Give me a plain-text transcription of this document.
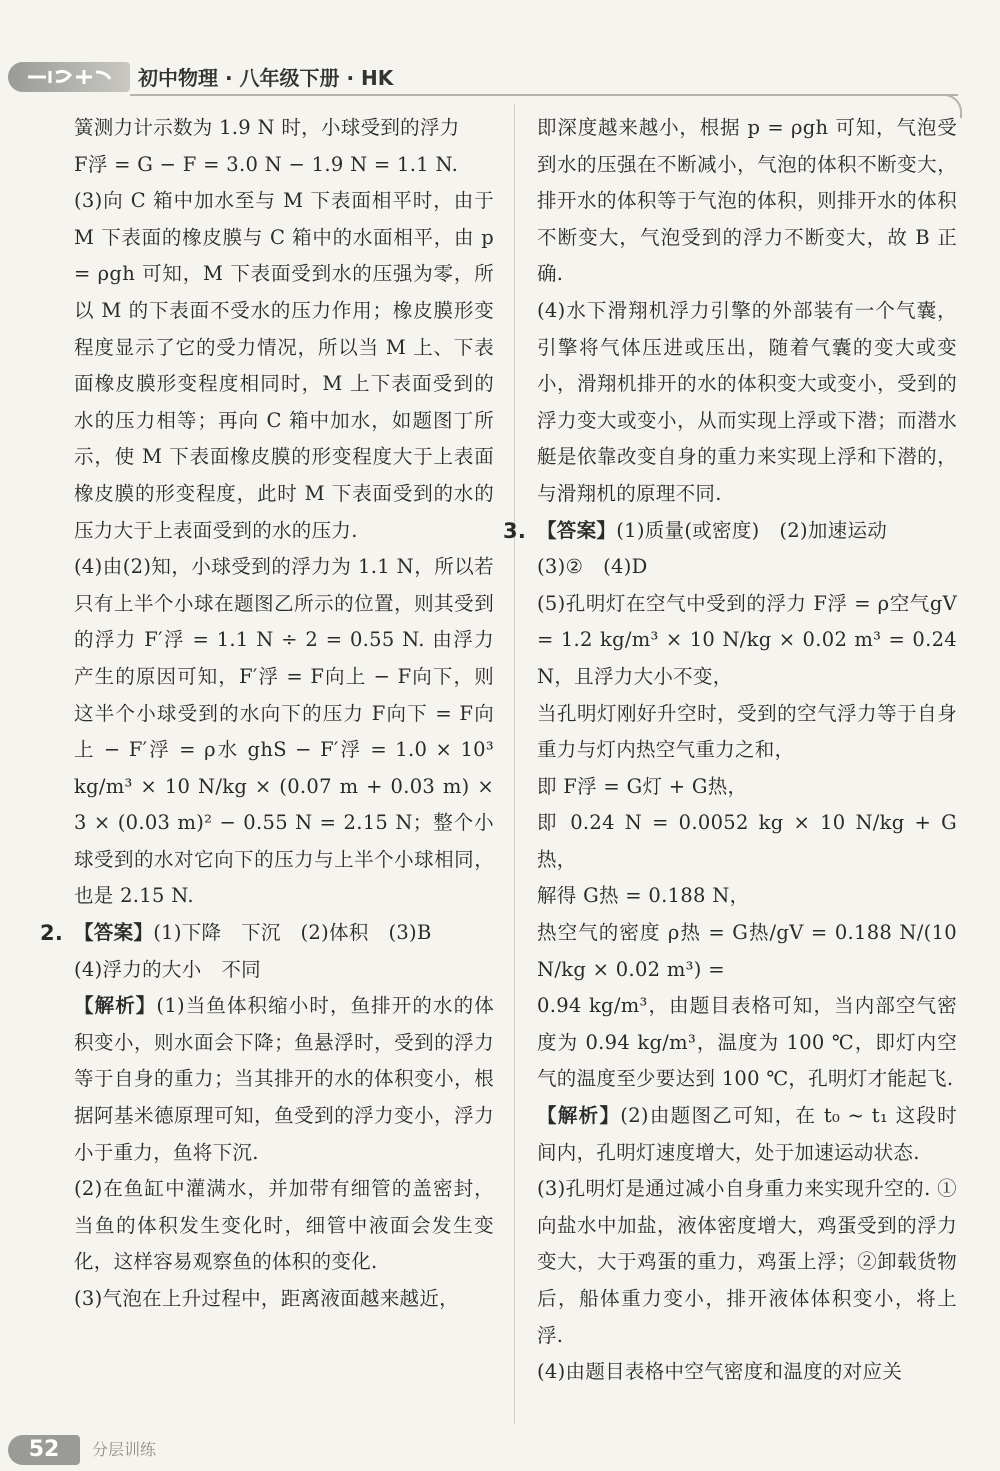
初中物理 · 八年级下册 · HK

簧测力计示数为 1.9 N 时，小球受到的浮力

F浮 = G − F = 3.0 N − 1.9 N = 1.1 N.

(3)向 C 箱中加水至与 M 下表面相平时，由于 M 下表面的橡皮膜与 C 箱中的水面相平，由 p = ρgh 可知，M 下表面受到水的压强为零，所以 M 的下表面不受水的压力作用；橡皮膜形变程度显示了它的受力情况，所以当 M 上、下表面橡皮膜形变程度相同时，M 上下表面受到的水的压力相等；再向 C 箱中加水，如题图丁所示，使 M 下表面橡皮膜的形变程度大于上表面橡皮膜的形变程度，此时 M 下表面受到的水的压力大于上表面受到的水的压力.

(4)由(2)知，小球受到的浮力为 1.1 N，所以若只有上半个小球在题图乙所示的位置，则其受到的浮力 F′浮 = 1.1 N ÷ 2 = 0.55 N. 由浮力产生的原因可知，F′浮 = F向上 − F向下，则这半个小球受到的水向下的压力 F向下 = F向上 − F′浮 = ρ水 ghS − F′浮 = 1.0 × 10³ kg/m³ × 10 N/kg × (0.07 m + 0.03 m) × 3 × (0.03 m)² − 0.55 N = 2.15 N；整个小球受到的水对它向下的压力与上半个小球相同，也是 2.15 N.

2. 【答案】(1)下降　下沉　(2)体积　(3)B

(4)浮力的大小　不同

【解析】(1)当鱼体积缩小时，鱼排开的水的体积变小，则水面会下降；鱼悬浮时，受到的浮力等于自身的重力；当其排开的水的体积变小，根据阿基米德原理可知，鱼受到的浮力变小，浮力小于重力，鱼将下沉.

(2)在鱼缸中灌满水，并加带有细管的盖密封，当鱼的体积发生变化时，细管中液面会发生变化，这样容易观察鱼的体积的变化.

(3)气泡在上升过程中，距离液面越来越近，

即深度越来越小，根据 p = ρgh 可知，气泡受到水的压强在不断减小，气泡的体积不断变大，排开水的体积等于气泡的体积，则排开水的体积不断变大，气泡受到的浮力不断变大，故 B 正确.

(4)水下滑翔机浮力引擎的外部装有一个气囊，引擎将气体压进或压出，随着气囊的变大或变小，滑翔机排开的水的体积变大或变小，受到的浮力变大或变小，从而实现上浮或下潜；而潜水艇是依靠改变自身的重力来实现上浮和下潜的，与滑翔机的原理不同.

3. 【答案】(1)质量(或密度)　(2)加速运动

(3)②　(4)D

(5)孔明灯在空气中受到的浮力 F浮 = ρ空气gV = 1.2 kg/m³ × 10 N/kg × 0.02 m³ = 0.24 N，且浮力大小不变，

当孔明灯刚好升空时，受到的空气浮力等于自身重力与灯内热空气重力之和，

即 F浮 = G灯 + G热，

即 0.24 N = 0.0052 kg × 10 N/kg + G热，

解得 G热 = 0.188 N，

热空气的密度 ρ热 = G热/gV = 0.188 N/(10 N/kg × 0.02 m³) =

0.94 kg/m³，由题目表格可知，当内部空气密度为 0.94 kg/m³，温度为 100 ℃，即灯内空气的温度至少要达到 100 ℃，孔明灯才能起飞.

【解析】(2)由题图乙可知，在 t₀ ~ t₁ 这段时间内，孔明灯速度增大，处于加速运动状态.

(3)孔明灯是通过减小自身重力来实现升空的. ①向盐水中加盐，液体密度增大，鸡蛋受到的浮力变大，大于鸡蛋的重力，鸡蛋上浮；②卸载货物后，船体重力变小，排开液体体积变小，将上浮.

(4)由题目表格中空气密度和温度的对应关

52	分层训练
